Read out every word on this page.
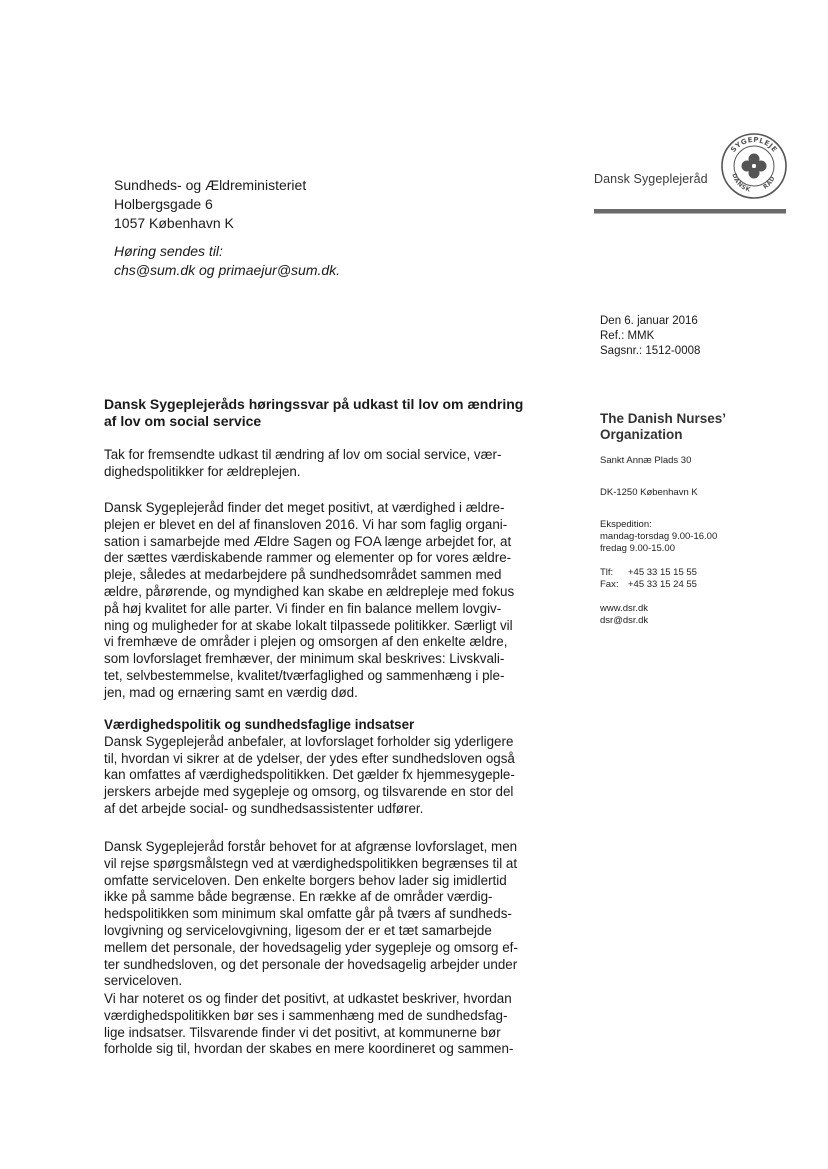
Sundheds- og Ældreministeriet
Holbergsgade 6
1057 København K
Høring sendes til:
chs@sum.dk og primaejur@sum.dk.
Dansk Sygeplejeråd
SYGEPLEJE
DANSK RÅD
Den 6. januar 2016
Ref.: MMK
Sagsnr.: 1512-0008
The Danish Nurses’
Organization
Sankt Annæ Plads 30
DK-1250 København K
Ekspedition:
mandag-torsdag 9.00-16.00
fredag 9.00-15.00
Tlf: +45 33 15 15 55
Fax: +45 33 15 24 55
www.dsr.dk
dsr@dsr.dk
Dansk Sygeplejeråds høringssvar på udkast til lov om ændring
af lov om social service
Tak for fremsendte udkast til ændring af lov om social service, vær-
dighedspolitikker for ældreplejen.
Dansk Sygeplejeråd finder det meget positivt, at værdighed i ældre-
plejen er blevet en del af finansloven 2016. Vi har som faglig organi-
sation i samarbejde med Ældre Sagen og FOA længe arbejdet for, at
der sættes værdiskabende rammer og elementer op for vores ældre-
pleje, således at medarbejdere på sundhedsområdet sammen med
ældre, pårørende, og myndighed kan skabe en ældrepleje med fokus
på høj kvalitet for alle parter. Vi finder en fin balance mellem lovgiv-
ning og muligheder for at skabe lokalt tilpassede politikker. Særligt vil
vi fremhæve de områder i plejen og omsorgen af den enkelte ældre,
som lovforslaget fremhæver, der minimum skal beskrives: Livskvali-
tet, selvbestemmelse, kvalitet/tværfaglighed og sammenhæng i ple-
jen, mad og ernæring samt en værdig død.
Værdighedspolitik og sundhedsfaglige indsatser
Dansk Sygeplejeråd anbefaler, at lovforslaget forholder sig yderligere
til, hvordan vi sikrer at de ydelser, der ydes efter sundhedsloven også
kan omfattes af værdighedspolitikken. Det gælder fx hjemmesygeple-
jerskers arbejde med sygepleje og omsorg, og tilsvarende en stor del
af det arbejde social- og sundhedsassistenter udfører.
Dansk Sygeplejeråd forstår behovet for at afgrænse lovforslaget, men
vil rejse spørgsmålstegn ved at værdighedspolitikken begrænses til at
omfatte serviceloven. Den enkelte borgers behov lader sig imidlertid
ikke på samme både begrænse. En række af de områder værdig-
hedspolitikken som minimum skal omfatte går på tværs af sundheds-
lovgivning og servicelovgivning, ligesom der er et tæt samarbejde
mellem det personale, der hovedsagelig yder sygepleje og omsorg ef-
ter sundhedsloven, og det personale der hovedsagelig arbejder under
serviceloven.
Vi har noteret os og finder det positivt, at udkastet beskriver, hvordan
værdighedspolitikken bør ses i sammenhæng med de sundhedsfag-
lige indsatser. Tilsvarende finder vi det positivt, at kommunerne bør
forholde sig til, hvordan der skabes en mere koordineret og sammen-
